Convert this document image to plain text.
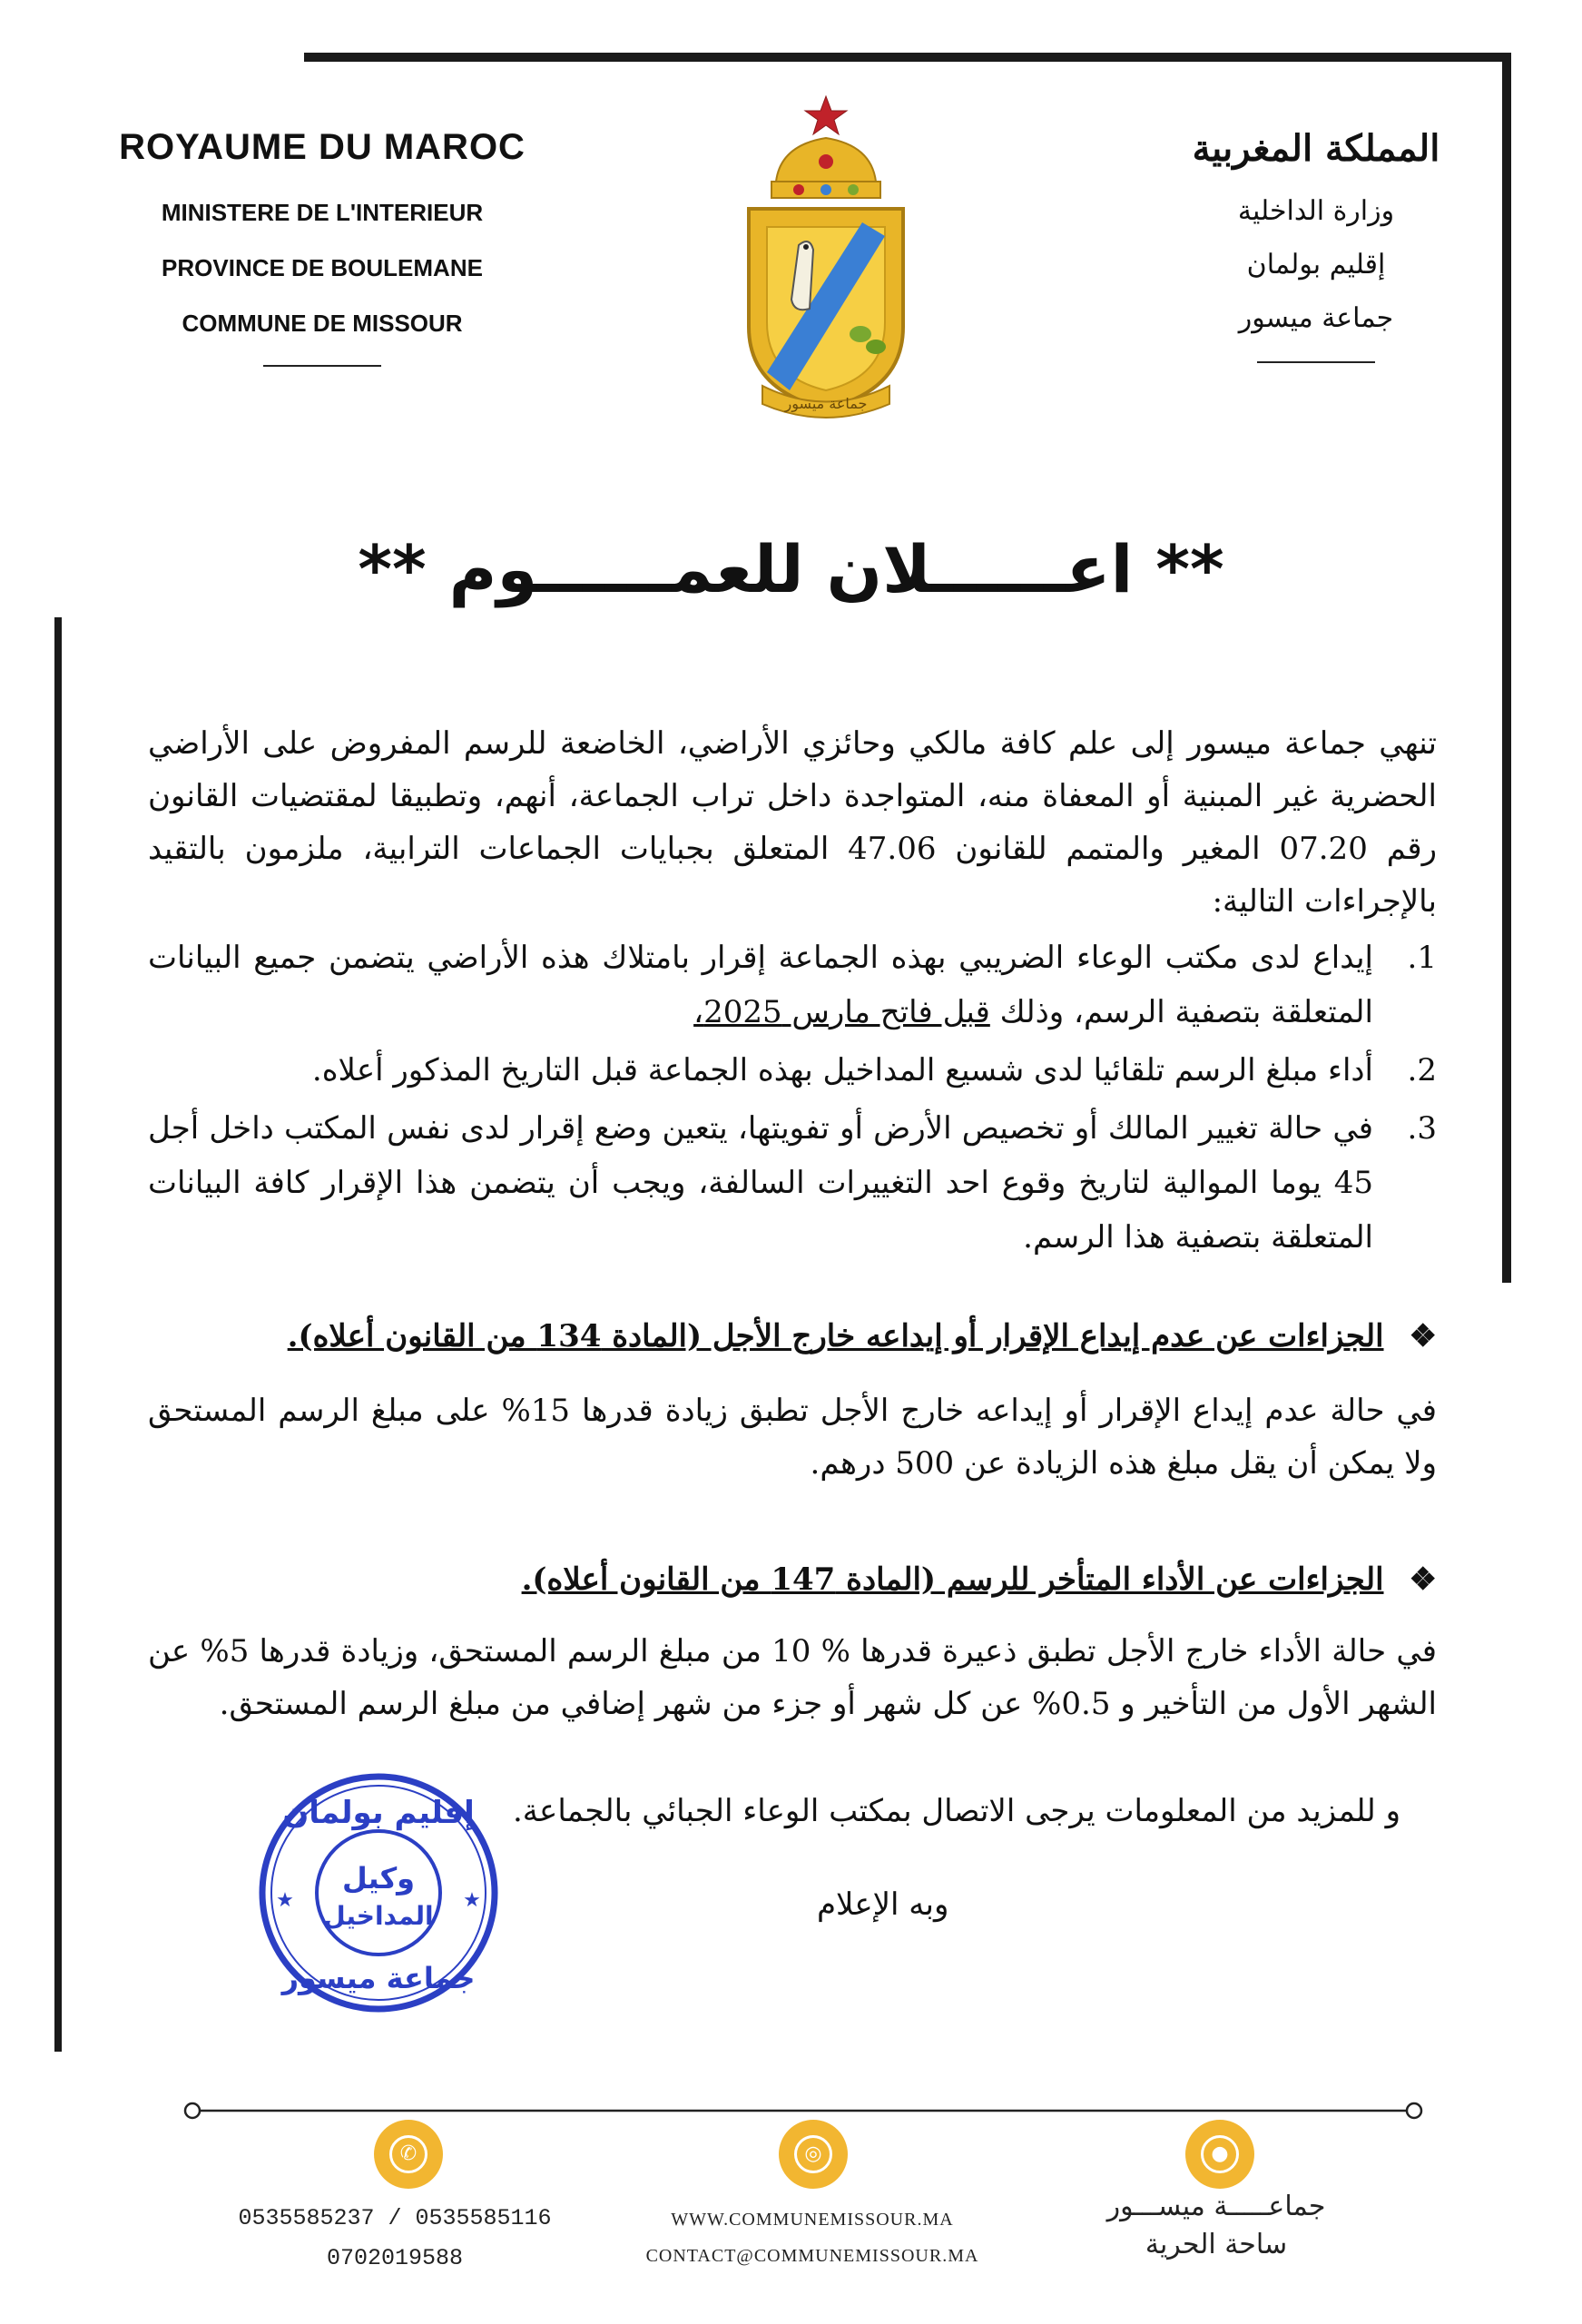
ROYAUME DU MAROC
MINISTERE DE L'INTERIEUR
PROVINCE DE BOULEMANE
COMMUNE DE MISSOUR
المملكة المغربية
وزارة الداخلية
إقليم بولمان
جماعة ميسور
جماعة ميسور
** اعــــــلان للعمــــــوم **
تنهي جماعة ميسور إلى علم كافة مالكي وحائزي الأراضي، الخاضعة للرسم المفروض على الأراضي الحضرية غير المبنية أو المعفاة منه، المتواجدة داخل تراب الجماعة، أنهم، وتطبيقا لمقتضيات القانون رقم 07.20 المغير والمتمم للقانون 47.06 المتعلق بجبايات الجماعات الترابية، ملزمون بالتقيد بالإجراءات التالية:
1.
إيداع لدى مكتب الوعاء الضريبي بهذه الجماعة إقرار بامتلاك هذه الأراضي يتضمن جميع البيانات المتعلقة بتصفية الرسم، وذلك قبل فاتح مارس 2025،
2.
أداء مبلغ الرسم تلقائيا لدى شسيع المداخيل بهذه الجماعة قبل التاريخ المذكور أعلاه.
3.
في حالة تغيير المالك أو تخصيص الأرض أو تفويتها، يتعين وضع إقرار لدى نفس المكتب داخل أجل 45 يوما الموالية لتاريخ وقوع احد التغييرات السالفة، ويجب أن يتضمن هذا الإقرار كافة البيانات المتعلقة بتصفية هذا الرسم.
❖الجزاءات عن عدم إيداع الإقرار أو إيداعه خارج الأجل (المادة 134 من القانون أعلاه).
في حالة عدم إيداع الإقرار أو إيداعه خارج الأجل تطبق زيادة قدرها 15% على مبلغ الرسم المستحق ولا يمكن أن يقل مبلغ هذه الزيادة عن 500 درهم.
❖الجزاءات عن الأداء المتأخر للرسم (المادة 147 من القانون أعلاه).
في حالة الأداء خارج الأجل تطبق ذعيرة قدرها % 10 من مبلغ الرسم المستحق، وزيادة قدرها 5% عن الشهر الأول من التأخير و 0.5% عن كل شهر أو جزء من شهر إضافي من مبلغ الرسم المستحق.
و للمزيد من المعلومات يرجى الاتصال بمكتب الوعاء الجبائي بالجماعة.
وبه الإعلام
إقليم بولمان
وكيل
المداخيل
جماعة ميسور
★	★
✆	◎	●
0535585237 / 0535585116
0702019588
WWW.COMMUNEMISSOUR.MA
CONTACT@COMMUNEMISSOUR.MA
جماعـــــة ميســـور
ساحة الحرية
